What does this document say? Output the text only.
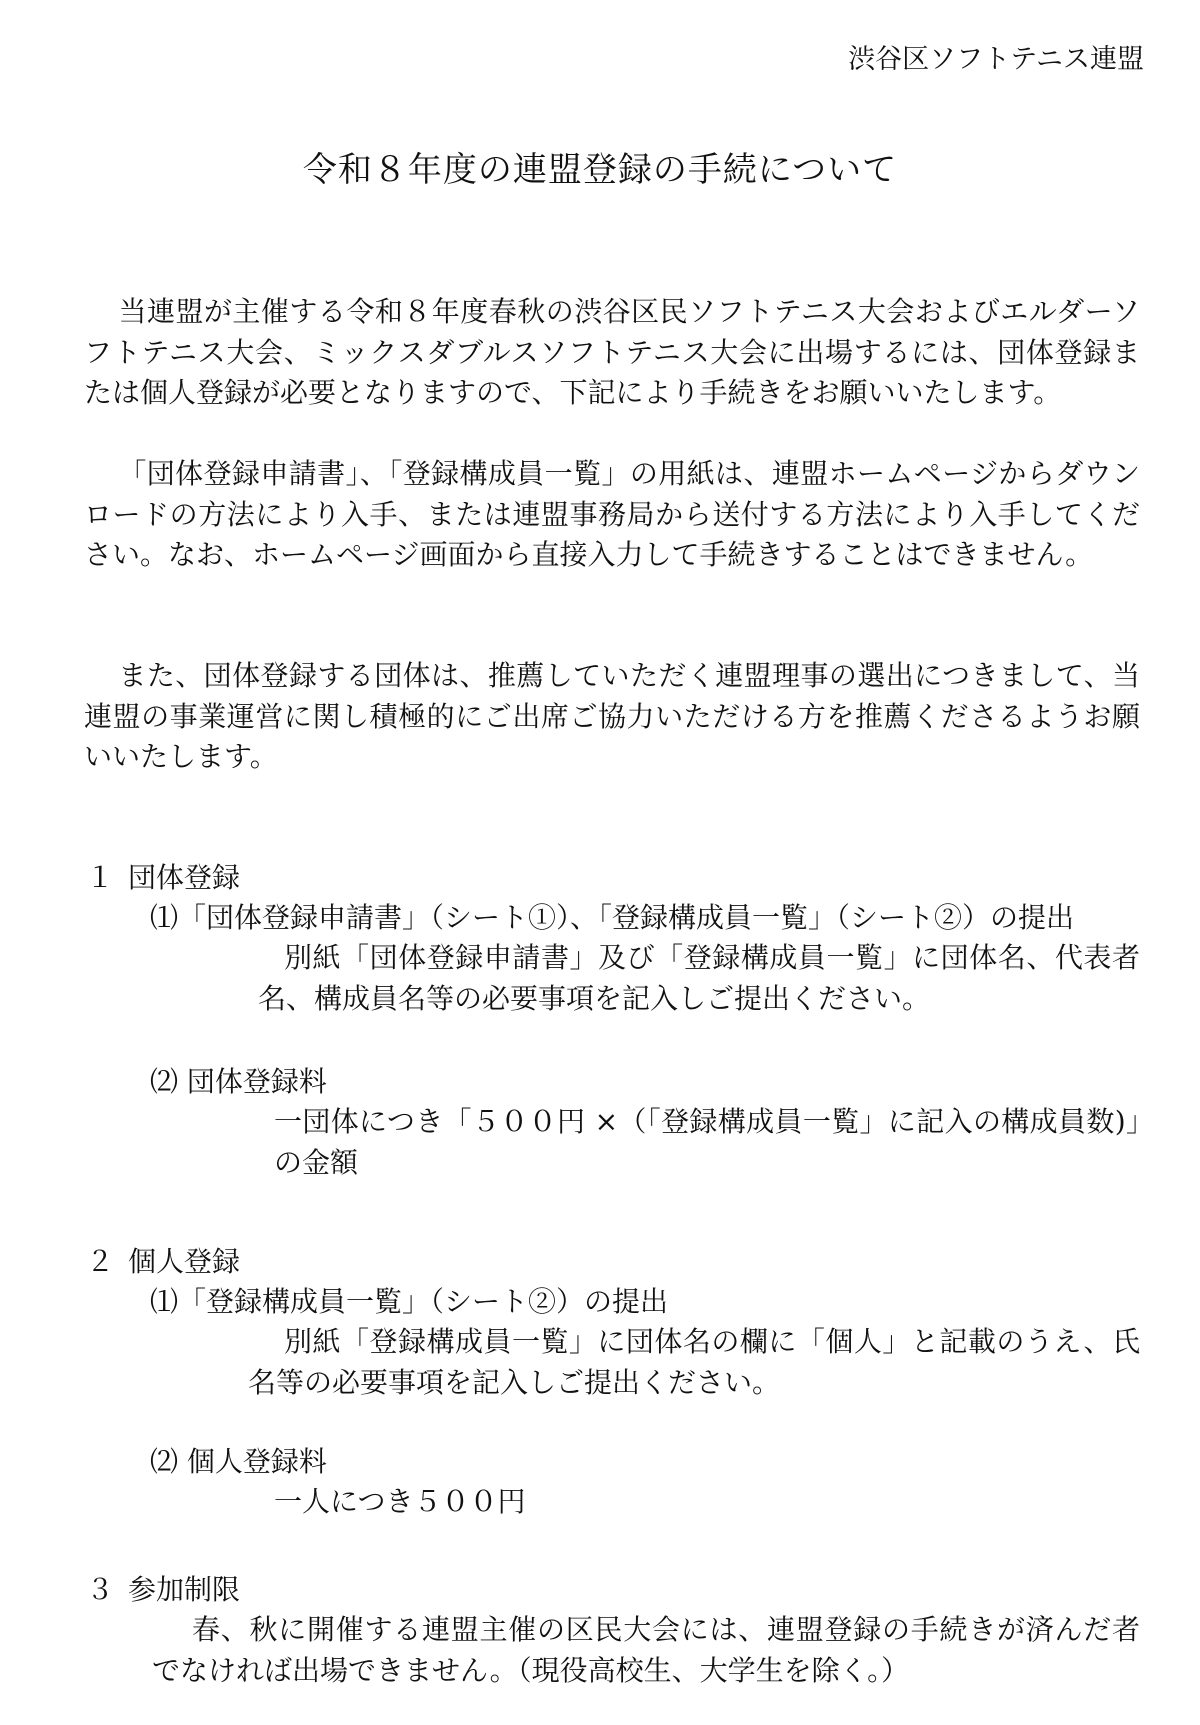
渋谷区ソフトテニス連盟
令和８年度の連盟登録の手続について
当連盟が主催する令和８年度春秋の渋谷区民ソフトテニス大会およびエルダーソフトテニス大会、ミックスダブルスソフトテニス大会に出場するには、団体登録または個人登録が必要となりますので、下記により手続きをお願いいたします。
「団体登録申請書」、「登録構成員一覧」の用紙は、連盟ホームページからダウンロードの方法により入手、または連盟事務局から送付する方法により入手してください。なお、ホームページ画面から直接入力して手続きすることはできません。
また、団体登録する団体は、推薦していただく連盟理事の選出につきまして、当連盟の事業運営に関し積極的にご出席ご協力いただける方を推薦くださるようお願いいたします。
１ 団体登録
⑴「団体登録申請書」（シート①）、「登録構成員一覧」（シート②）の提出
別紙「団体登録申請書」及び「登録構成員一覧」に団体名、代表者名、構成員名等の必要事項を記入しご提出ください。
⑵ 団体登録料
一団体につき「５００円 ×（「登録構成員一覧」に記入の構成員数)」の金額
２ 個人登録
⑴「登録構成員一覧」（シート②）の提出
別紙「登録構成員一覧」に団体名の欄に「個人」と記載のうえ、氏名等の必要事項を記入しご提出ください。
⑵ 個人登録料
一人につき５００円
３ 参加制限
春、秋に開催する連盟主催の区民大会には、連盟登録の手続きが済んだ者でなければ出場できません。（現役高校生、大学生を除く。）
